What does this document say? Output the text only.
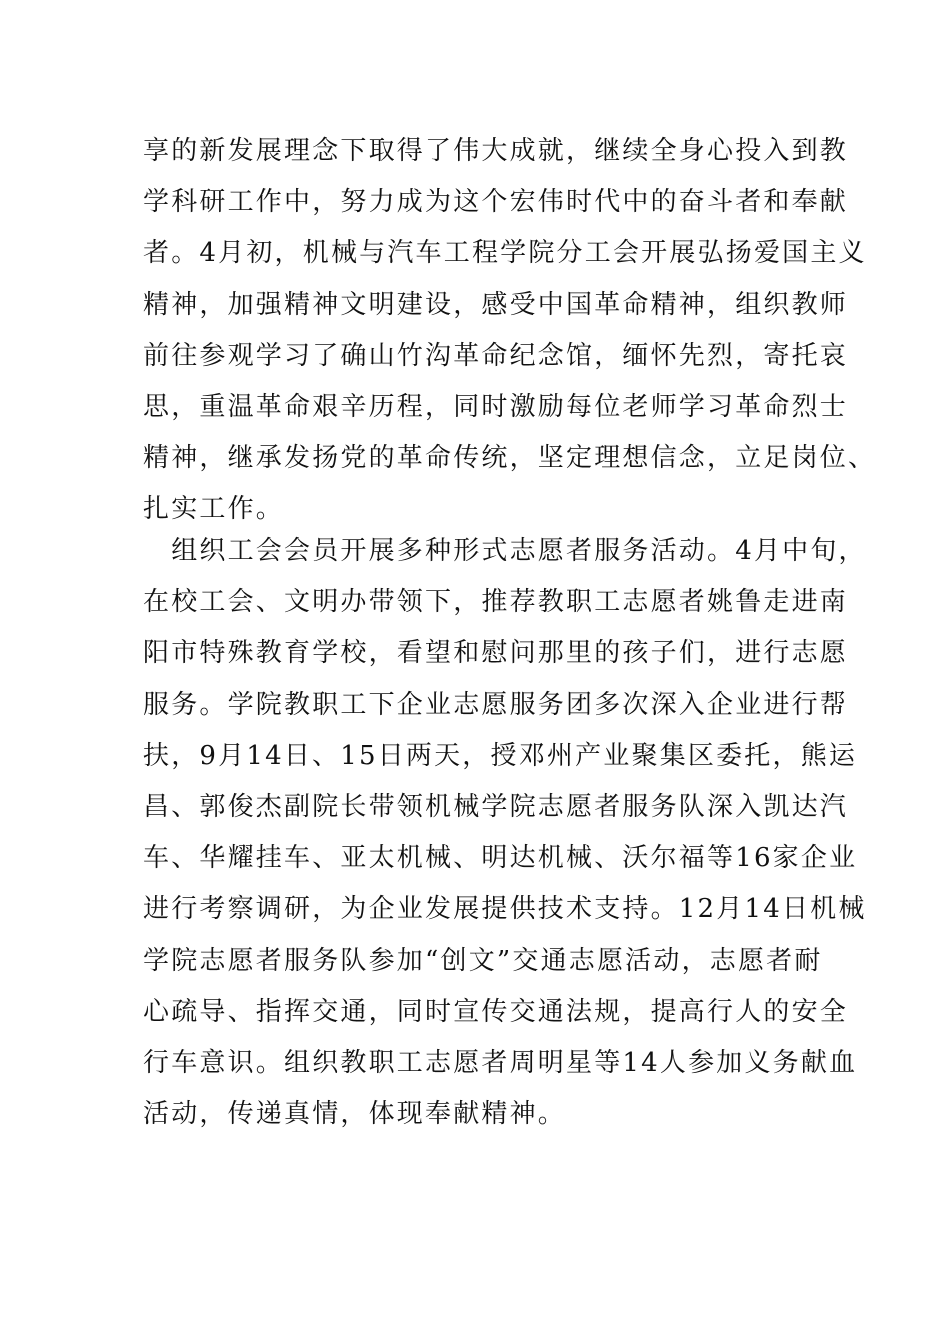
享的新发展理念下取得了伟大成就，继续全身心投入到教
学科研工作中，努力成为这个宏伟时代中的奋斗者和奉献
者。4月初，机械与汽车工程学院分工会开展弘扬爱国主义
精神，加强精神文明建设，感受中国革命精神，组织教师
前往参观学习了确山竹沟革命纪念馆，缅怀先烈，寄托哀
思，重温革命艰辛历程，同时激励每位老师学习革命烈士
精神，继承发扬党的革命传统，坚定理想信念，立足岗位、
扎实工作。
　组织工会会员开展多种形式志愿者服务活动。4月中旬，
在校工会、文明办带领下，推荐教职工志愿者姚鲁走进南
阳市特殊教育学校，看望和慰问那里的孩子们，进行志愿
服务。学院教职工下企业志愿服务团多次深入企业进行帮
扶，9月14日、15日两天，授邓州产业聚集区委托，熊运
昌、郭俊杰副院长带领机械学院志愿者服务队深入凯达汽
车、华耀挂车、亚太机械、明达机械、沃尔福等16家企业
进行考察调研，为企业发展提供技术支持。12月14日机械
学院志愿者服务队参加“创文”交通志愿活动，志愿者耐
心疏导、指挥交通，同时宣传交通法规，提高行人的安全
行车意识。组织教职工志愿者周明星等14人参加义务献血
活动，传递真情，体现奉献精神。
